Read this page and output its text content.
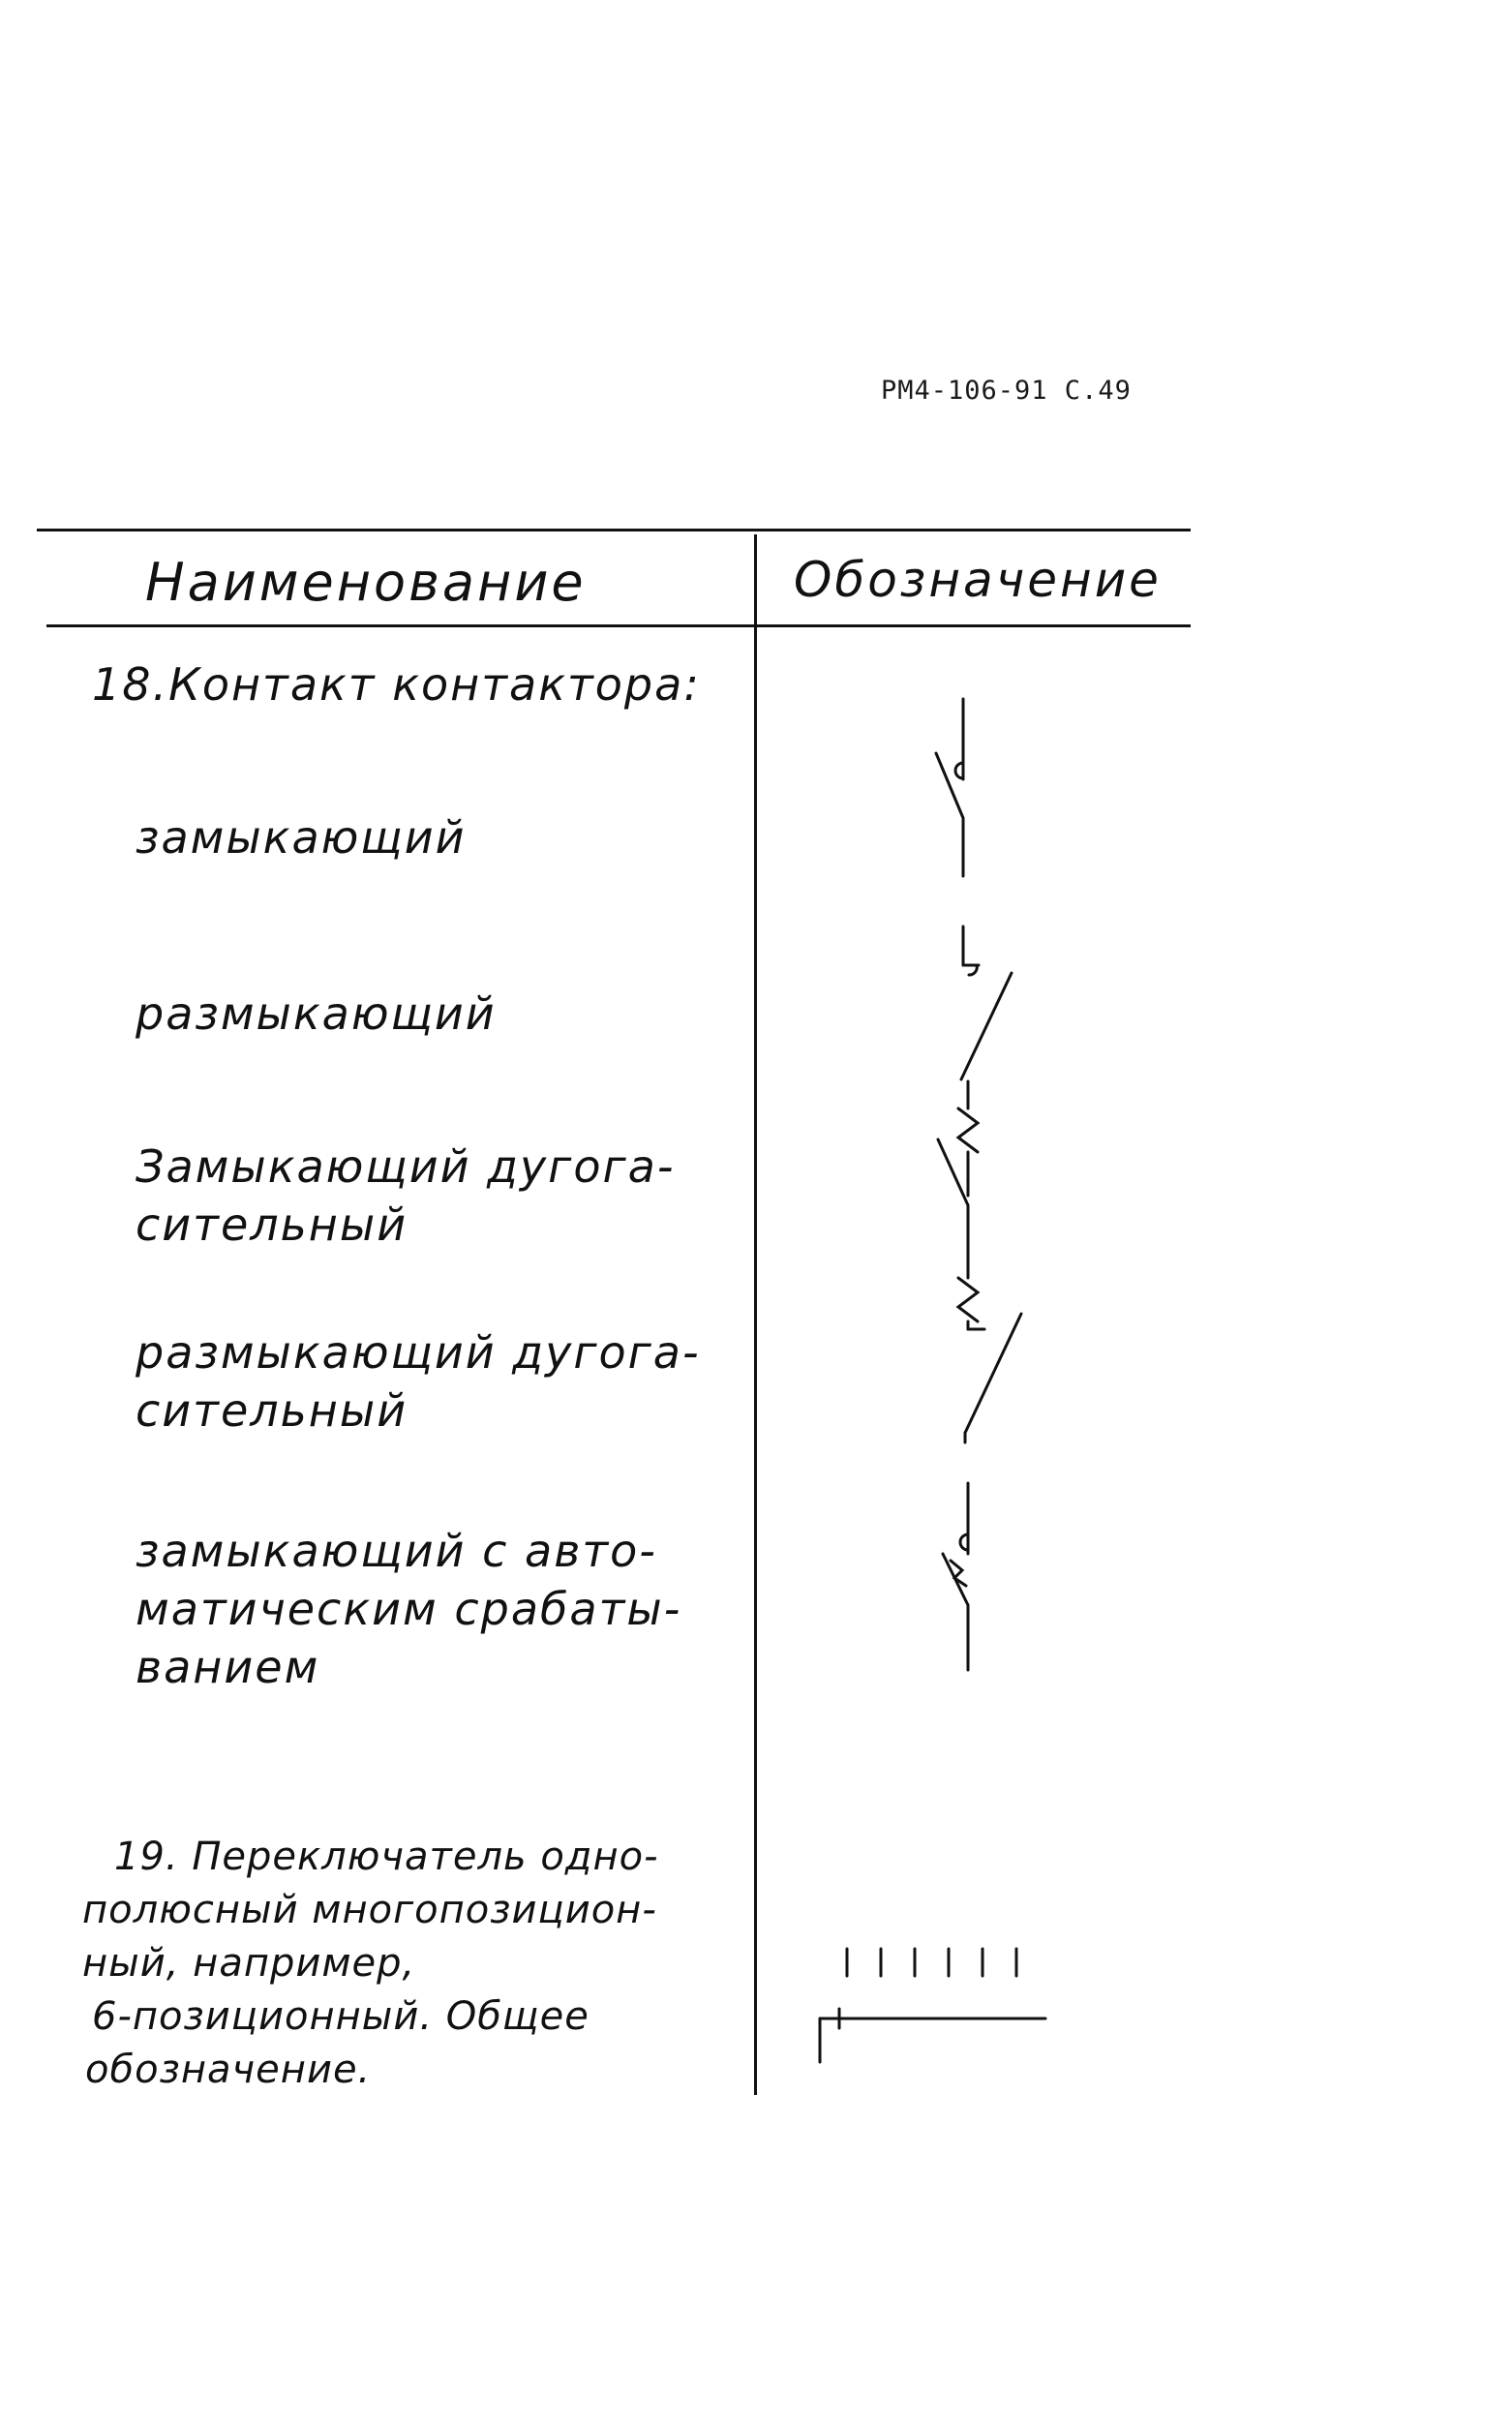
РМ4-106-91 С.49
Наименование	Обозначение
18.Контакт контактора:
замыкающий
размыкающий
Замыкающий дугога-
сительный
размыкающий дугога-
сительный
замыкающий с авто-
матическим срабаты-
ванием
19. Переключатель одно-
полюсный многопозицион-
ный, например,
6-позиционный. Общее
обозначение.
